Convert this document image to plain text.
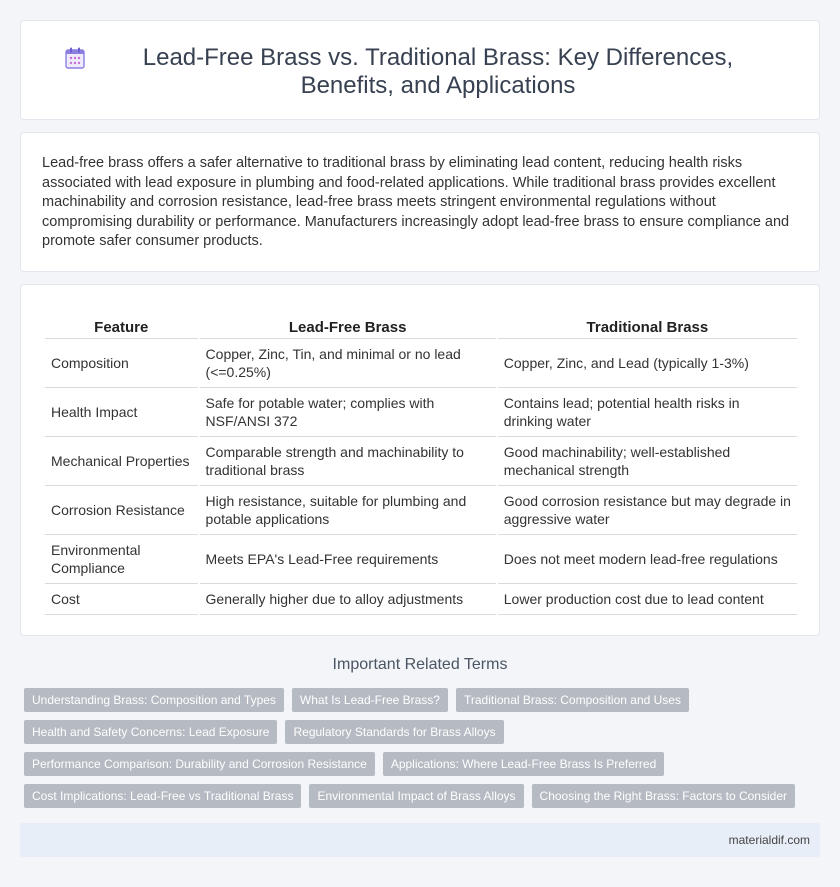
Lead-Free Brass vs. Traditional Brass: Key Differences, Benefits, and Applications

Lead-free brass offers a safer alternative to traditional brass by eliminating lead content, reducing health risks associated with lead exposure in plumbing and food-related applications. While traditional brass provides excellent machinability and corrosion resistance, lead-free brass meets stringent environmental regulations without compromising durability or performance. Manufacturers increasingly adopt lead-free brass to ensure compliance and promote safer consumer products.

Feature	Lead-Free Brass	Traditional Brass
Composition	Copper, Zinc, Tin, and minimal or no lead (<=0.25%)	Copper, Zinc, and Lead (typically 1-3%)
Health Impact	Safe for potable water; complies with NSF/ANSI 372	Contains lead; potential health risks in drinking water
Mechanical Properties	Comparable strength and machinability to traditional brass	Good machinability; well-established mechanical strength
Corrosion Resistance	High resistance, suitable for plumbing and potable applications	Good corrosion resistance but may degrade in aggressive water
Environmental Compliance	Meets EPA's Lead-Free requirements	Does not meet modern lead-free regulations
Cost	Generally higher due to alloy adjustments	Lower production cost due to lead content
Important Related Terms
Understanding Brass: Composition and Types	What Is Lead-Free Brass?	Traditional Brass: Composition and Uses
Health and Safety Concerns: Lead Exposure	Regulatory Standards for Brass Alloys
Performance Comparison: Durability and Corrosion Resistance	Applications: Where Lead-Free Brass Is Preferred
Cost Implications: Lead-Free vs Traditional Brass	Environmental Impact of Brass Alloys	Choosing the Right Brass: Factors to Consider
materialdif.com
